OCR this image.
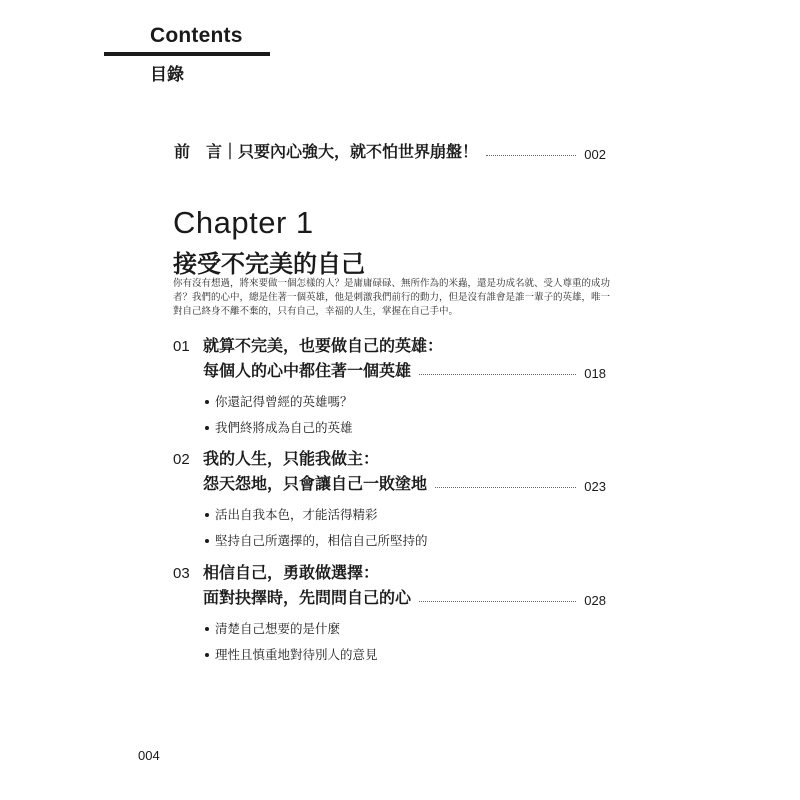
Contents
目錄
前　言｜只要內心強大，就不怕世界崩盤！	002
Chapter 1
接受不完美的自己
你有沒有想過，將來要做一個怎樣的人？是庸庸碌碌、無所作為的米蟲，還是功成名就、受人尊重的成功者？我們的心中，總是住著一個英雄，他是刺激我們前行的動力，但是沒有誰會是誰一輩子的英雄，唯一對自己終身不離不棄的，只有自己，幸福的人生，掌握在自己手中。
01 就算不完美，也要做自己的英雄：
每個人的心中都住著一個英雄	018
你還記得曾經的英雄嗎？
我們終將成為自己的英雄
02 我的人生，只能我做主：
怨天怨地，只會讓自己一敗塗地	023
活出自我本色，才能活得精彩
堅持自己所選擇的，相信自己所堅持的
03 相信自己，勇敢做選擇：
面對抉擇時，先問問自己的心	028
清楚自己想要的是什麼
理性且慎重地對待別人的意見
004
